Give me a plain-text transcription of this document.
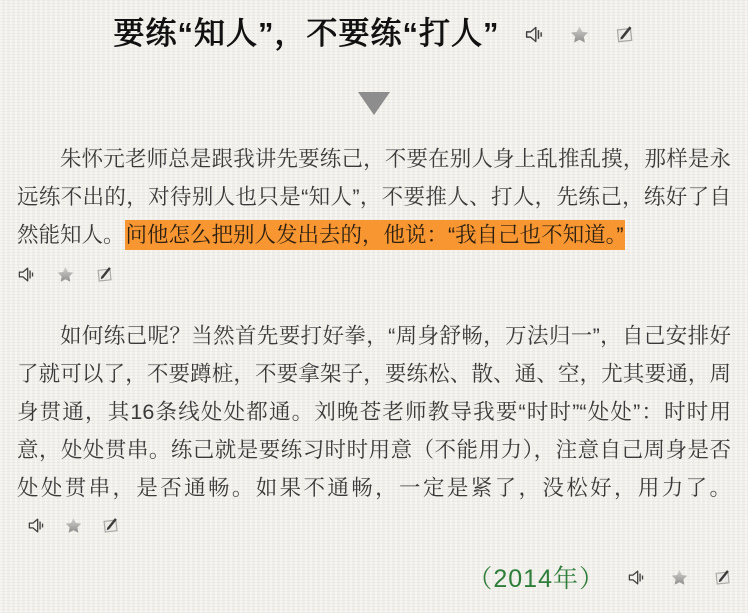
要练“知人”，不要练“打人”

朱怀元老师总是跟我讲先要练己，不要在别人身上乱推乱摸，那样是永远练不出的，对待别人也只是“知人”，不要推人、打人，先练己，练好了自然能知人。问他怎么把别人发出去的，他说：“我自己也不知道。”

如何练己呢？当然首先要打好拳，“周身舒畅，万法归一”，自己安排好了就可以了，不要蹲桩，不要拿架子，要练松、散、通、空，尤其要通，周身贯通，其16条线处处都通。刘晚苍老师教导我要“时时”“处处”：时时用意，处处贯串。练己就是要练习时时用意（不能用力），注意自己周身是否处处贯串，是否通畅。如果不通畅，一定是紧了，没松好，用力了。

（2014年）
